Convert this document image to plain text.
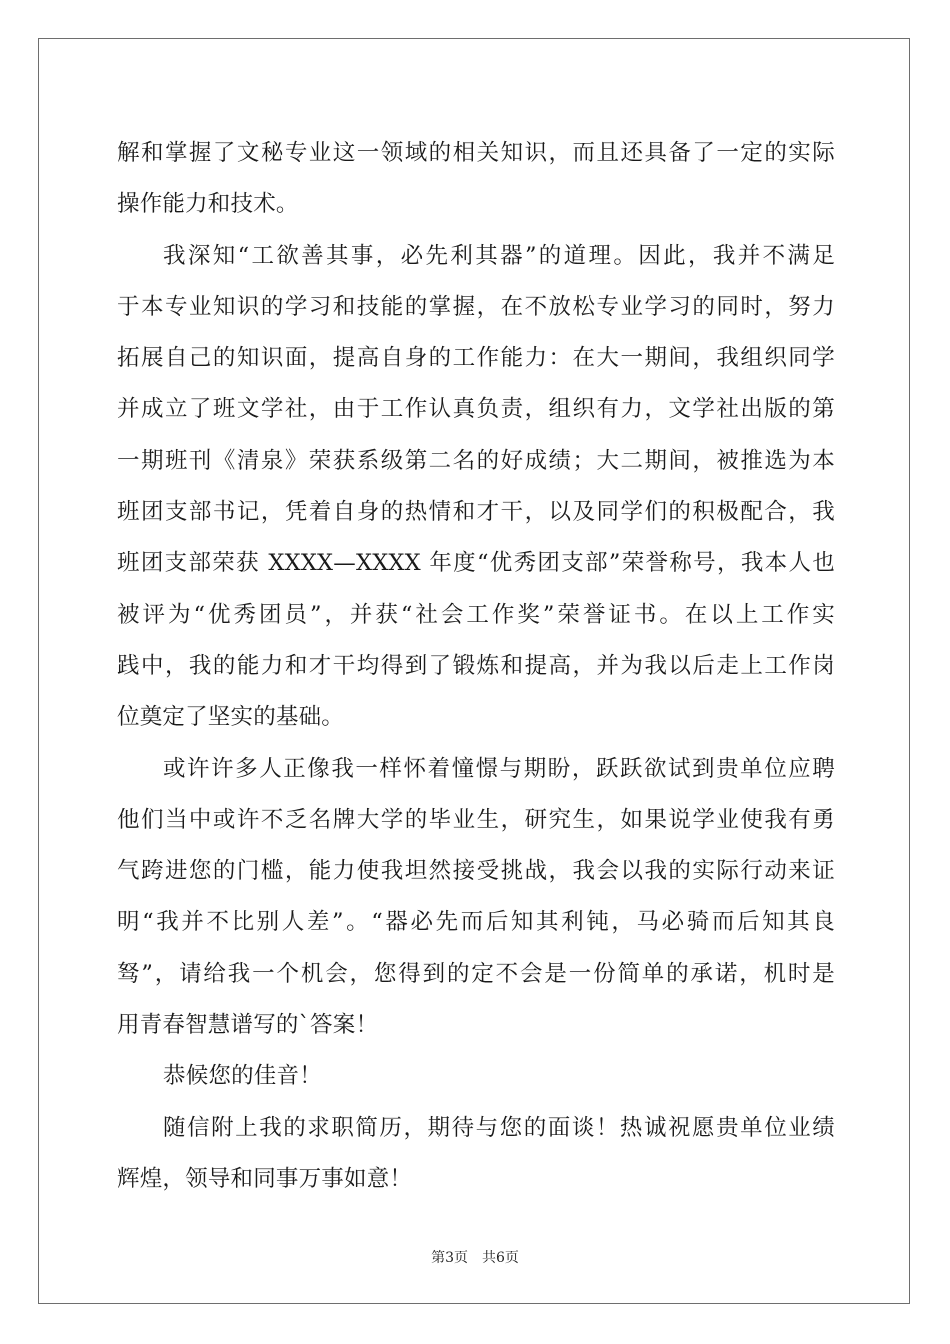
解和掌握了文秘专业这一领域的相关知识，而且还具备了一定的实际
操作能力和技术。
我深知“工欲善其事，必先利其器”的道理。因此，我并不满足
于本专业知识的学习和技能的掌握，在不放松专业学习的同时，努力
拓展自己的知识面，提高自身的工作能力：在大一期间，我组织同学
并成立了班文学社，由于工作认真负责，组织有力，文学社出版的第
一期班刊《清泉》荣获系级第二名的好成绩；大二期间，被推选为本
班团支部书记，凭着自身的热情和才干，以及同学们的积极配合，我
班团支部荣获 XXXX—XXXX 年度“优秀团支部”荣誉称号，我本人也
被评为“优秀团员”，并获“社会工作奖”荣誉证书。在以上工作实
践中，我的能力和才干均得到了锻炼和提高，并为我以后走上工作岗
位奠定了坚实的基础。
或许许多人正像我一样怀着憧憬与期盼，跃跃欲试到贵单位应聘
他们当中或许不乏名牌大学的毕业生，研究生，如果说学业使我有勇
气跨进您的门槛，能力使我坦然接受挑战，我会以我的实际行动来证
明“我并不比别人差”。“器必先而后知其利钝，马必骑而后知其良
驽”，请给我一个机会，您得到的定不会是一份简单的承诺，机时是
用青春智慧谱写的`答案！
恭候您的佳音！
随信附上我的求职简历，期待与您的面谈！热诚祝愿贵单位业绩
辉煌，领导和同事万事如意！
第3页 共6页
